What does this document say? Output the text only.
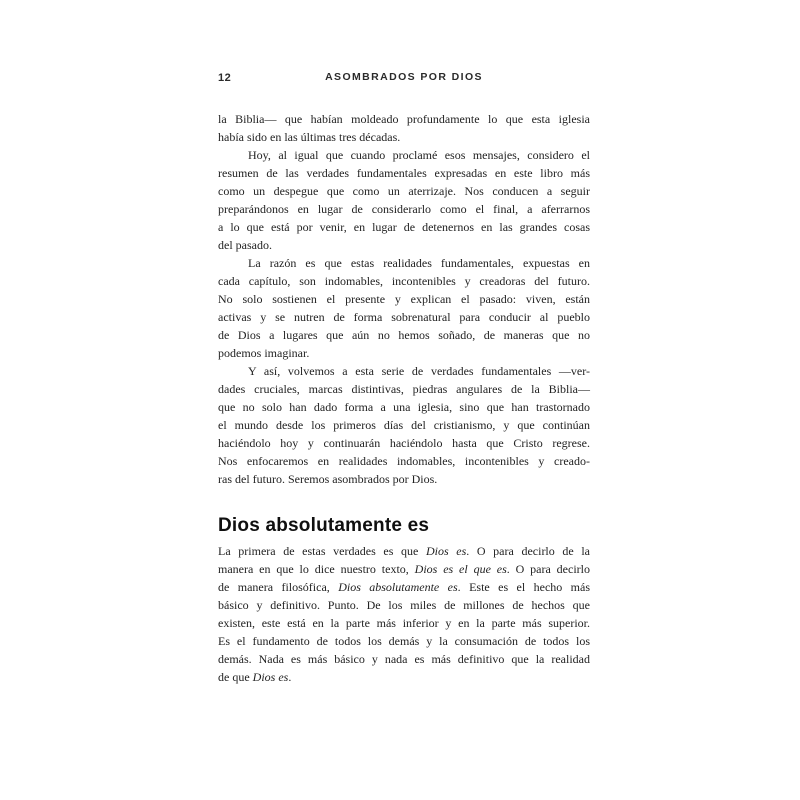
12	ASOMBRADOS POR DIOS
la Biblia— que habían moldeado profundamente lo que esta iglesia
había sido en las últimas tres décadas.
Hoy, al igual que cuando proclamé esos mensajes, considero el
resumen de las verdades fundamentales expresadas en este libro más
como un despegue que como un aterrizaje. Nos conducen a seguir
preparándonos en lugar de considerarlo como el final, a aferrarnos
a lo que está por venir, en lugar de detenernos en las grandes cosas
del pasado.
La razón es que estas realidades fundamentales, expuestas en
cada capítulo, son indomables, incontenibles y creadoras del futuro.
No solo sostienen el presente y explican el pasado: viven, están
activas y se nutren de forma sobrenatural para conducir al pueblo
de Dios a lugares que aún no hemos soñado, de maneras que no
podemos imaginar.
Y así, volvemos a esta serie de verdades fundamentales —ver-
dades cruciales, marcas distintivas, piedras angulares de la Biblia—
que no solo han dado forma a una iglesia, sino que han trastornado
el mundo desde los primeros días del cristianismo, y que continúan
haciéndolo hoy y continuarán haciéndolo hasta que Cristo regrese.
Nos enfocaremos en realidades indomables, incontenibles y creado-
ras del futuro. Seremos asombrados por Dios.
Dios absolutamente es
La primera de estas verdades es que Dios es. O para decirlo de la
manera en que lo dice nuestro texto, Dios es el que es. O para decirlo
de manera filosófica, Dios absolutamente es. Este es el hecho más
básico y definitivo. Punto. De los miles de millones de hechos que
existen, este está en la parte más inferior y en la parte más superior.
Es el fundamento de todos los demás y la consumación de todos los
demás. Nada es más básico y nada es más definitivo que la realidad
de que Dios es.
